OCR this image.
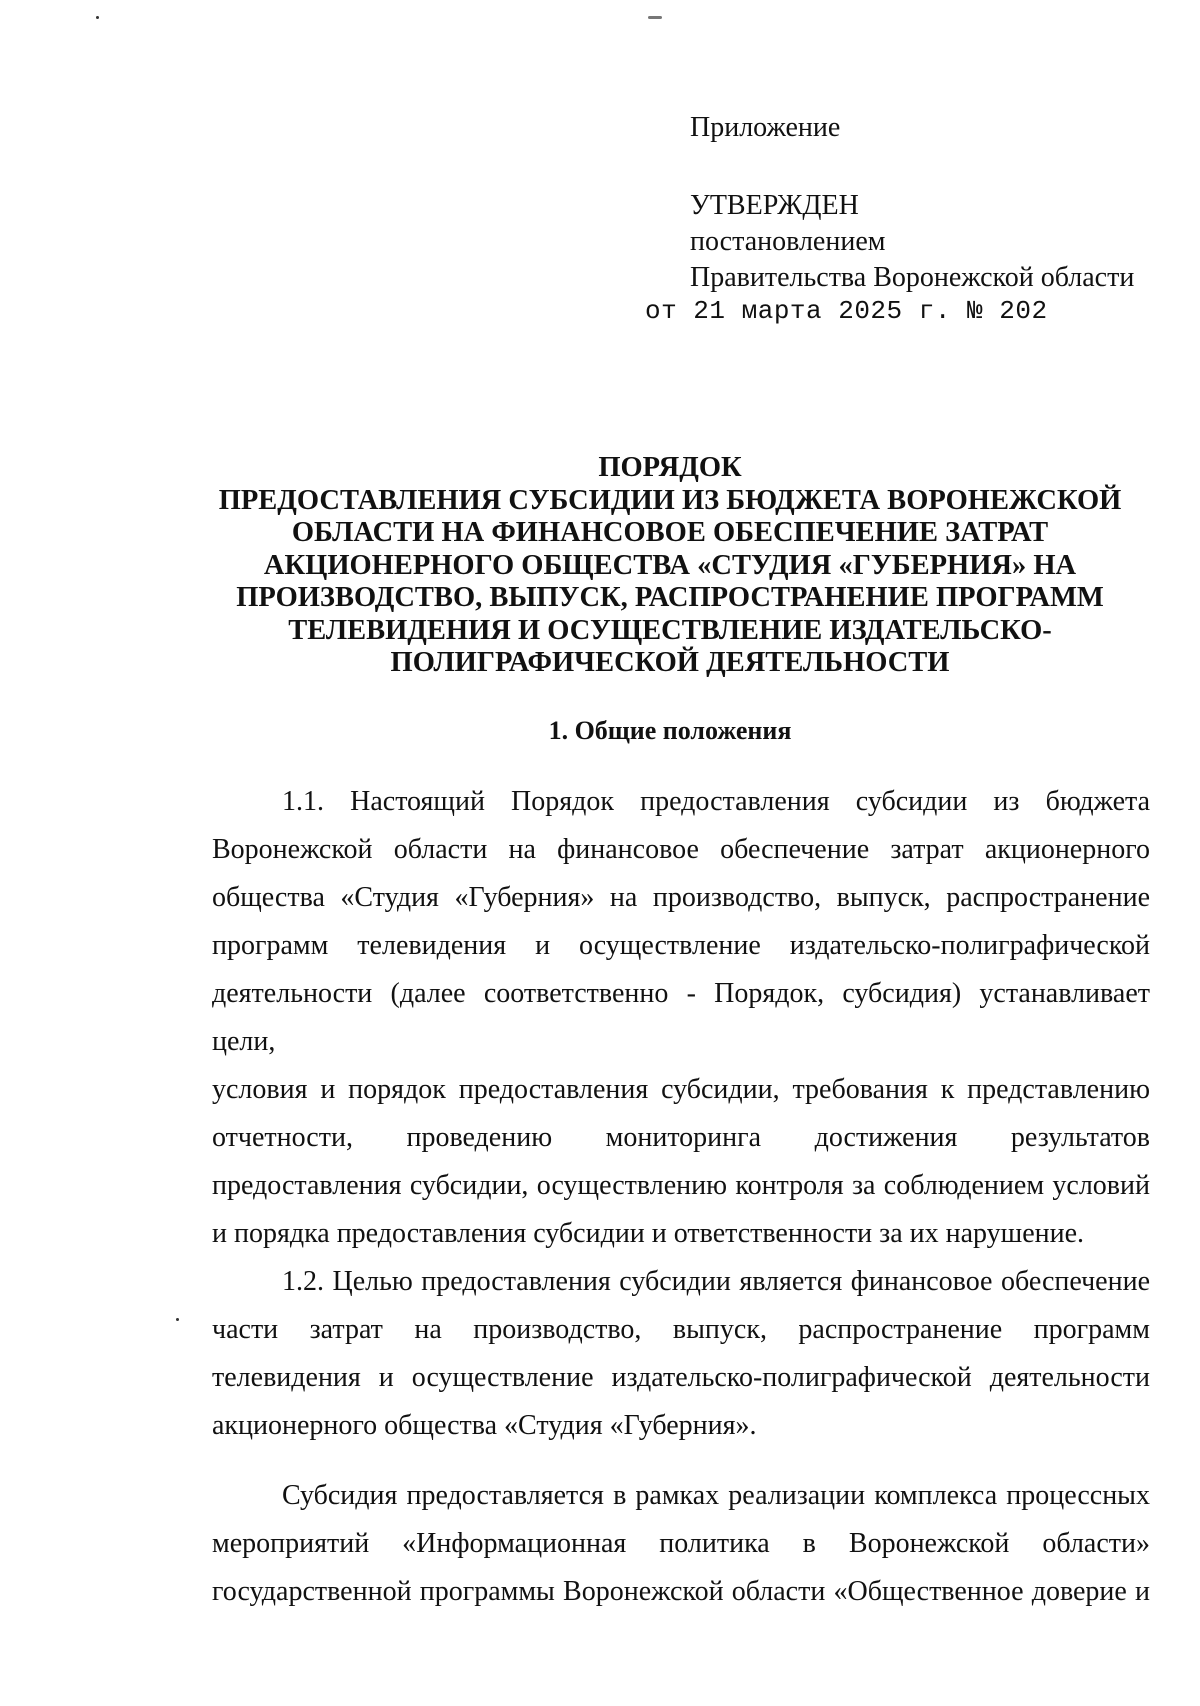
Приложение
УТВЕРЖДЕН
постановлением
Правительства Воронежской области
от 21 марта 2025 г. № 202
ПОРЯДОК
ПРЕДОСТАВЛЕНИЯ СУБСИДИИ ИЗ БЮДЖЕТА ВОРОНЕЖСКОЙ
ОБЛАСТИ НА ФИНАНСОВОЕ ОБЕСПЕЧЕНИЕ ЗАТРАТ
АКЦИОНЕРНОГО ОБЩЕСТВА «СТУДИЯ «ГУБЕРНИЯ» НА
ПРОИЗВОДСТВО, ВЫПУСК, РАСПРОСТРАНЕНИЕ ПРОГРАММ
ТЕЛЕВИДЕНИЯ И ОСУЩЕСТВЛЕНИЕ ИЗДАТЕЛЬСКО-
ПОЛИГРАФИЧЕСКОЙ ДЕЯТЕЛЬНОСТИ
1. Общие положения

1.1. Настоящий Порядок предоставления субсидии из бюджета

Воронежской области на финансовое обеспечение затрат акционерного

общества «Студия «Губерния» на производство, выпуск, распространение

программ телевидения и осуществление издательско-полиграфической

деятельности (далее соответственно - Порядок, субсидия) устанавливает цели,

условия и порядок предоставления субсидии, требования к представлению

отчетности, проведению мониторинга достижения результатов

предоставления субсидии, осуществлению контроля за соблюдением условий

и порядка предоставления субсидии и ответственности за их нарушение.

1.2. Целью предоставления субсидии является финансовое обеспечение

части затрат на производство, выпуск, распространение программ

телевидения и осуществление издательско-полиграфической деятельности

акционерного общества «Студия «Губерния».

Субсидия предоставляется в рамках реализации комплекса процессных

мероприятий «Информационная политика в Воронежской области»

государственной программы Воронежской области «Общественное доверие и
